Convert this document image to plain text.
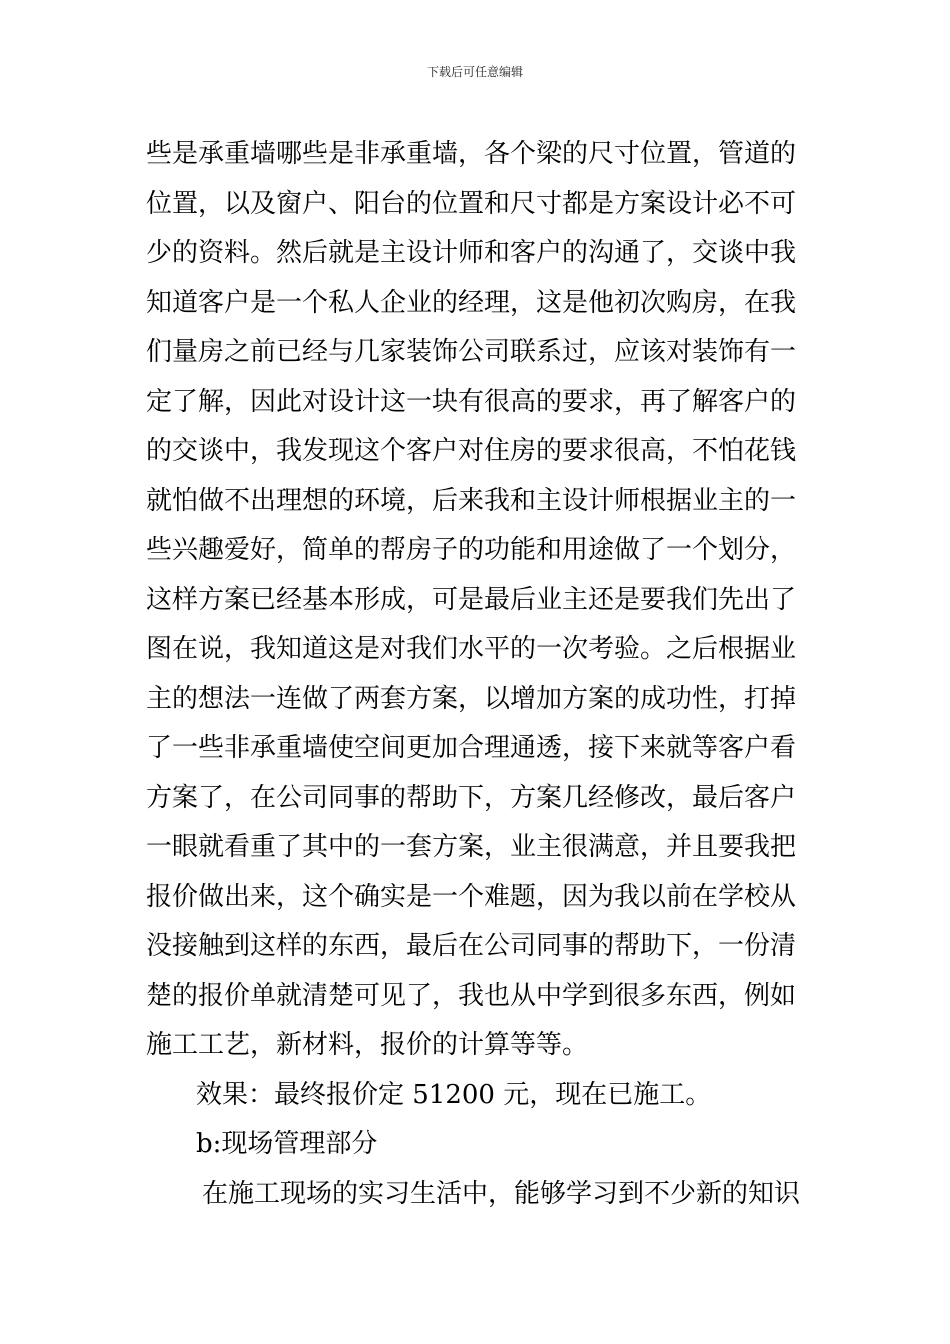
下载后可任意编辑
些是承重墙哪些是非承重墙，各个梁的尺寸位置，管道的
位置，以及窗户、阳台的位置和尺寸都是方案设计必不可
少的资料。然后就是主设计师和客户的沟通了，交谈中我
知道客户是一个私人企业的经理，这是他初次购房，在我
们量房之前已经与几家装饰公司联系过，应该对装饰有一
定了解，因此对设计这一块有很高的要求，再了解客户的
的交谈中，我发现这个客户对住房的要求很高，不怕花钱
就怕做不出理想的环境，后来我和主设计师根据业主的一
些兴趣爱好，简单的帮房子的功能和用途做了一个划分，
这样方案已经基本形成，可是最后业主还是要我们先出了
图在说，我知道这是对我们水平的一次考验。之后根据业
主的想法一连做了两套方案，以增加方案的成功性，打掉
了一些非承重墙使空间更加合理通透，接下来就等客户看
方案了，在公司同事的帮助下，方案几经修改，最后客户
一眼就看重了其中的一套方案，业主很满意，并且要我把
报价做出来，这个确实是一个难题，因为我以前在学校从
没接触到这样的东西，最后在公司同事的帮助下，一份清
楚的报价单就清楚可见了，我也从中学到很多东西，例如
施工工艺，新材料，报价的计算等等。
效果：最终报价定 51200 元，现在已施工。
b:现场管理部分
在施工现场的实习生活中，能够学习到不少新的知识
